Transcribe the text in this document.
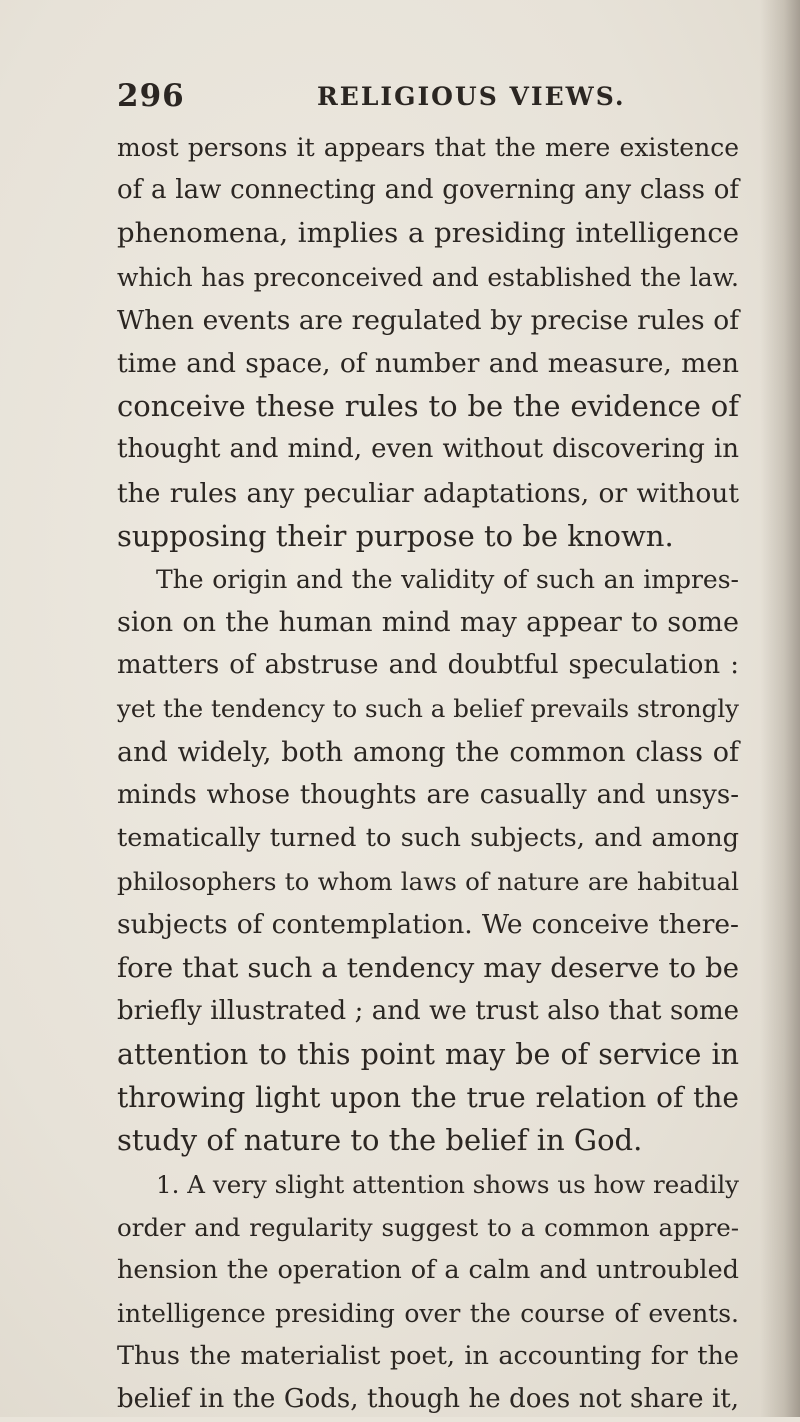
296	RELIGIOUS VIEWS.
most persons it appears that the mere existence
of a law connecting and governing any class of
phenomena, implies a presiding intelligence
which has preconceived and established the law.
When events are regulated by precise rules of
time and space, of number and measure, men
conceive these rules to be the evidence of
thought and mind, even without discovering in
the rules any peculiar adaptations, or without
supposing their purpose to be known.
The origin and the validity of such an impres-
sion on the human mind may appear to some
matters of abstruse and doubtful speculation :
yet the tendency to such a belief prevails strongly
and widely, both among the common class of
minds whose thoughts are casually and unsys-
tematically turned to such subjects, and among
philosophers to whom laws of nature are habitual
subjects of contemplation. We conceive there-
fore that such a tendency may deserve to be
briefly illustrated ; and we trust also that some
attention to this point may be of service in
throwing light upon the true relation of the
study of nature to the belief in God.
1. A very slight attention shows us how readily
order and regularity suggest to a common appre-
hension the operation of a calm and untroubled
intelligence presiding over the course of events.
Thus the materialist poet, in accounting for the
belief in the Gods, though he does not share it,
